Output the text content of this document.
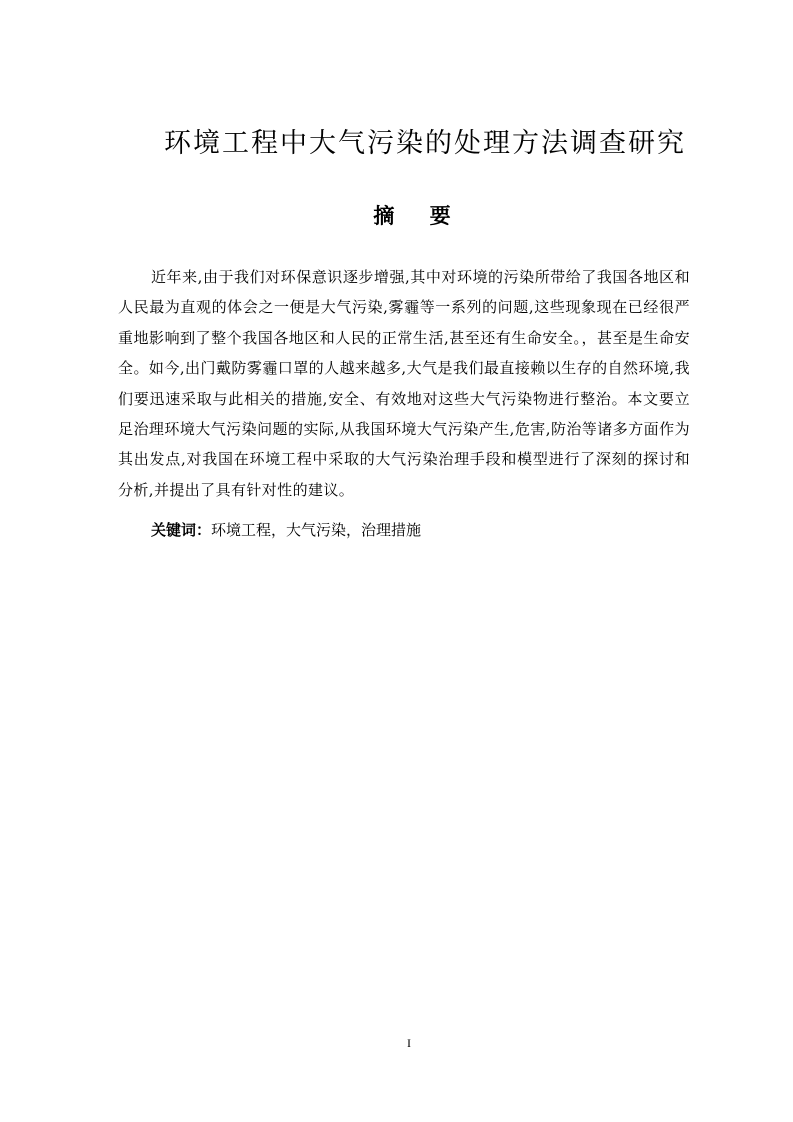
环境工程中大气污染的处理方法调查研究
摘 要

近年来,由于我们对环保意识逐步增强,其中对环境的污染所带给了我国各地区和人民最为直观的体会之一便是大气污染,雾霾等一系列的问题,这些现象现在已经很严重地影响到了整个我国各地区和人民的正常生活,甚至还有生命安全。，甚至是生命安全。如今,出门戴防雾霾口罩的人越来越多,大气是我们最直接赖以生存的自然环境,我们要迅速采取与此相关的措施,安全、有效地对这些大气污染物进行整治。本文要立足治理环境大气污染问题的实际,从我国环境大气污染产生,危害,防治等诸多方面作为其出发点,对我国在环境工程中采取的大气污染治理手段和模型进行了深刻的探讨和分析,并提出了具有针对性的建议。

关键词：环境工程，大气污染，治理措施

I
